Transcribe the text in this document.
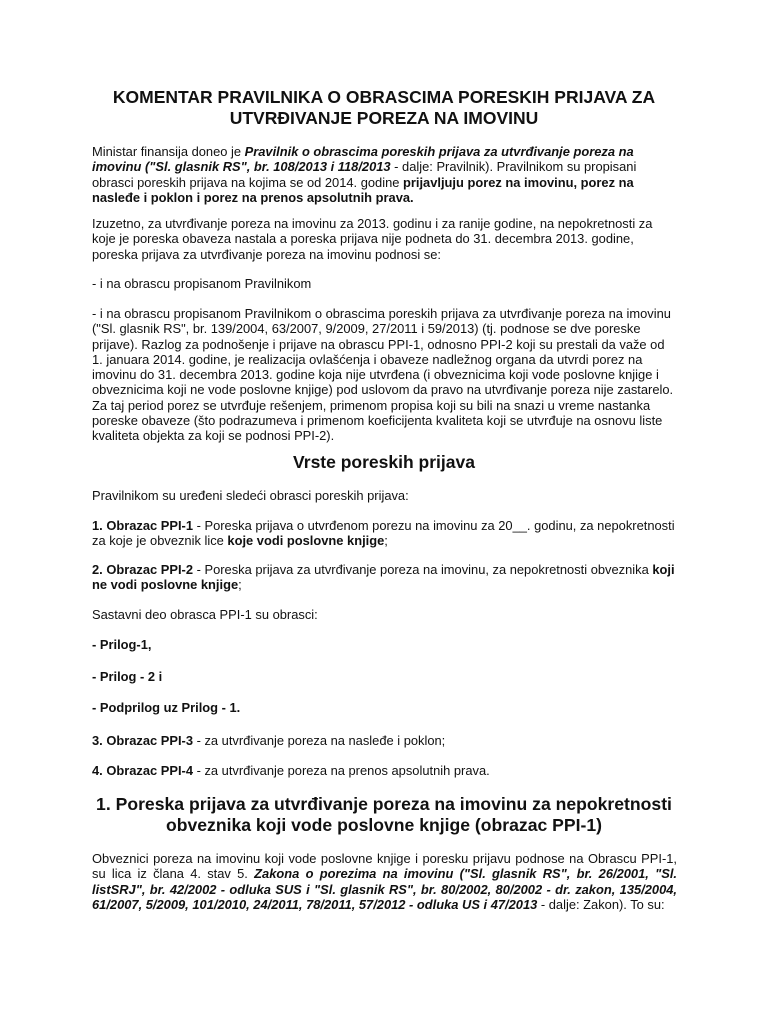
KOMENTAR PRAVILNIKA O OBRASCIMA PORESKIH PRIJAVA ZA UTVRĐIVANJE POREZA NA IMOVINU

Ministar finansija doneo je Pravilnik o obrascima poreskih prijava za utvrđivanje poreza na imovinu ("Sl. glasnik RS", br. 108/2013 i 118/2013 - dalje: Pravilnik). Pravilnikom su propisani obrasci poreskih prijava na kojima se od 2014. godine prijavljuju porez na imovinu, porez na nasleđe i poklon i porez na prenos apsolutnih prava.

Izuzetno, za utvrđivanje poreza na imovinu za 2013. godinu i za ranije godine, na nepokretnosti za koje je poreska obaveza nastala a poreska prijava nije podneta do 31. decembra 2013. godine, poreska prijava za utvrđivanje poreza na imovinu podnosi se:

- i na obrascu propisanom Pravilnikom

- i na obrascu propisanom Pravilnikom o obrascima poreskih prijava za utvrđivanje poreza na imovinu ("Sl. glasnik RS", br. 139/2004, 63/2007, 9/2009, 27/2011 i 59/2013) (tj. podnose se dve poreske prijave). Razlog za podnošenje i prijave na obrascu PPI-1, odnosno PPI-2 koji su prestali da važe od 1. januara 2014. godine, je realizacija ovlašćenja i obaveze nadležnog organa da utvrdi porez na imovinu do 31. decembra 2013. godine koja nije utvrđena (i obveznicima koji vode poslovne knjige i obveznicima koji ne vode poslovne knjige) pod uslovom da pravo na utvrđivanje poreza nije zastarelo. Za taj period porez se utvrđuje rešenjem, primenom propisa koji su bili na snazi u vreme nastanka poreske obaveze (što podrazumeva i primenom koeficijenta kvaliteta koji se utvrđuje na osnovu liste kvaliteta objekta za koji se podnosi PPI-2).

Vrste poreskih prijava

Pravilnikom su uređeni sledeći obrasci poreskih prijava:

1. Obrazac PPI-1 - Poreska prijava o utvrđenom porezu na imovinu za 20__. godinu, za nepokretnosti za koje je obveznik lice koje vodi poslovne knjige;

2. Obrazac PPI-2 - Poreska prijava za utvrđivanje poreza na imovinu, za nepokretnosti obveznika koji ne vodi poslovne knjige;

Sastavni deo obrasca PPI-1 su obrasci:

- Prilog-1,

- Prilog - 2 i

- Podprilog uz Prilog - 1.

3. Obrazac PPI-3 - za utvrđivanje poreza na nasleđe i poklon;

4. Obrazac PPI-4 - za utvrđivanje poreza na prenos apsolutnih prava.

1. Poreska prijava za utvrđivanje poreza na imovinu za nepokretnosti obveznika koji vode poslovne knjige (obrazac PPI-1)

Obveznici poreza na imovinu koji vode poslovne knjige i poresku prijavu podnose na Obrascu PPI-1, su lica iz člana 4. stav 5. Zakona o porezima na imovinu ("Sl. glasnik RS", br. 26/2001, "Sl. listSRJ", br. 42/2002 - odluka SUS i "Sl. glasnik RS", br. 80/2002, 80/2002 - dr. zakon, 135/2004, 61/2007, 5/2009, 101/2010, 24/2011, 78/2011, 57/2012 - odluka US i 47/2013 - dalje: Zakon). To su:
